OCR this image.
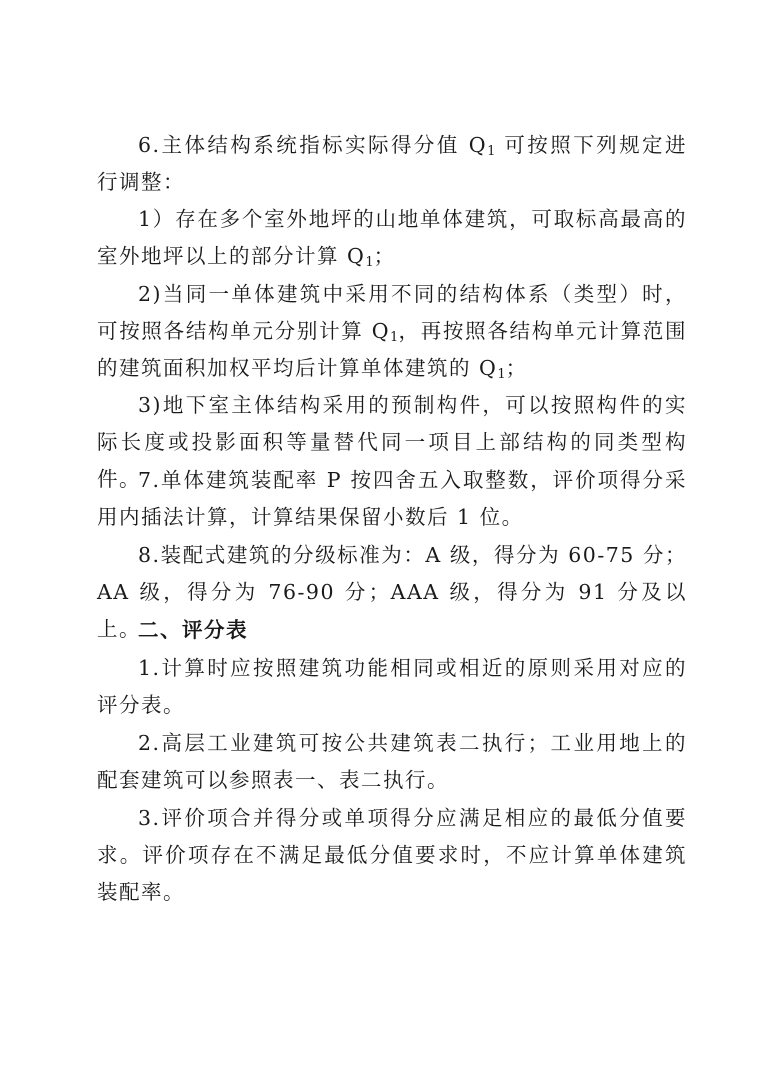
6.主体结构系统指标实际得分值 $Q_1$ 可按照下列规定进行调整：

1）存在多个室外地坪的山地单体建筑，可取标高最高的室外地坪以上的部分计算 $Q_1$；

2)当同一单体建筑中采用不同的结构体系（类型）时，可按照各结构单元分别计算 $Q_1$，再按照各结构单元计算范围的建筑面积加权平均后计算单体建筑的 $Q_1$；

3)地下室主体结构采用的预制构件，可以按照构件的实际长度或投影面积等量替代同一项目上部结构的同类型构件。

7.单体建筑装配率 P 按四舍五入取整数，评价项得分采用内插法计算，计算结果保留小数后 1 位。

8.装配式建筑的分级标准为：A 级，得分为 60-75 分；AA 级，得分为 76-90 分；AAA 级，得分为 91 分及以上。

二、评分表

1.计算时应按照建筑功能相同或相近的原则采用对应的评分表。

2.高层工业建筑可按公共建筑表二执行；工业用地上的配套建筑可以参照表一、表二执行。

3.评价项合并得分或单项得分应满足相应的最低分值要求。评价项存在不满足最低分值要求时，不应计算单体建筑装配率。
